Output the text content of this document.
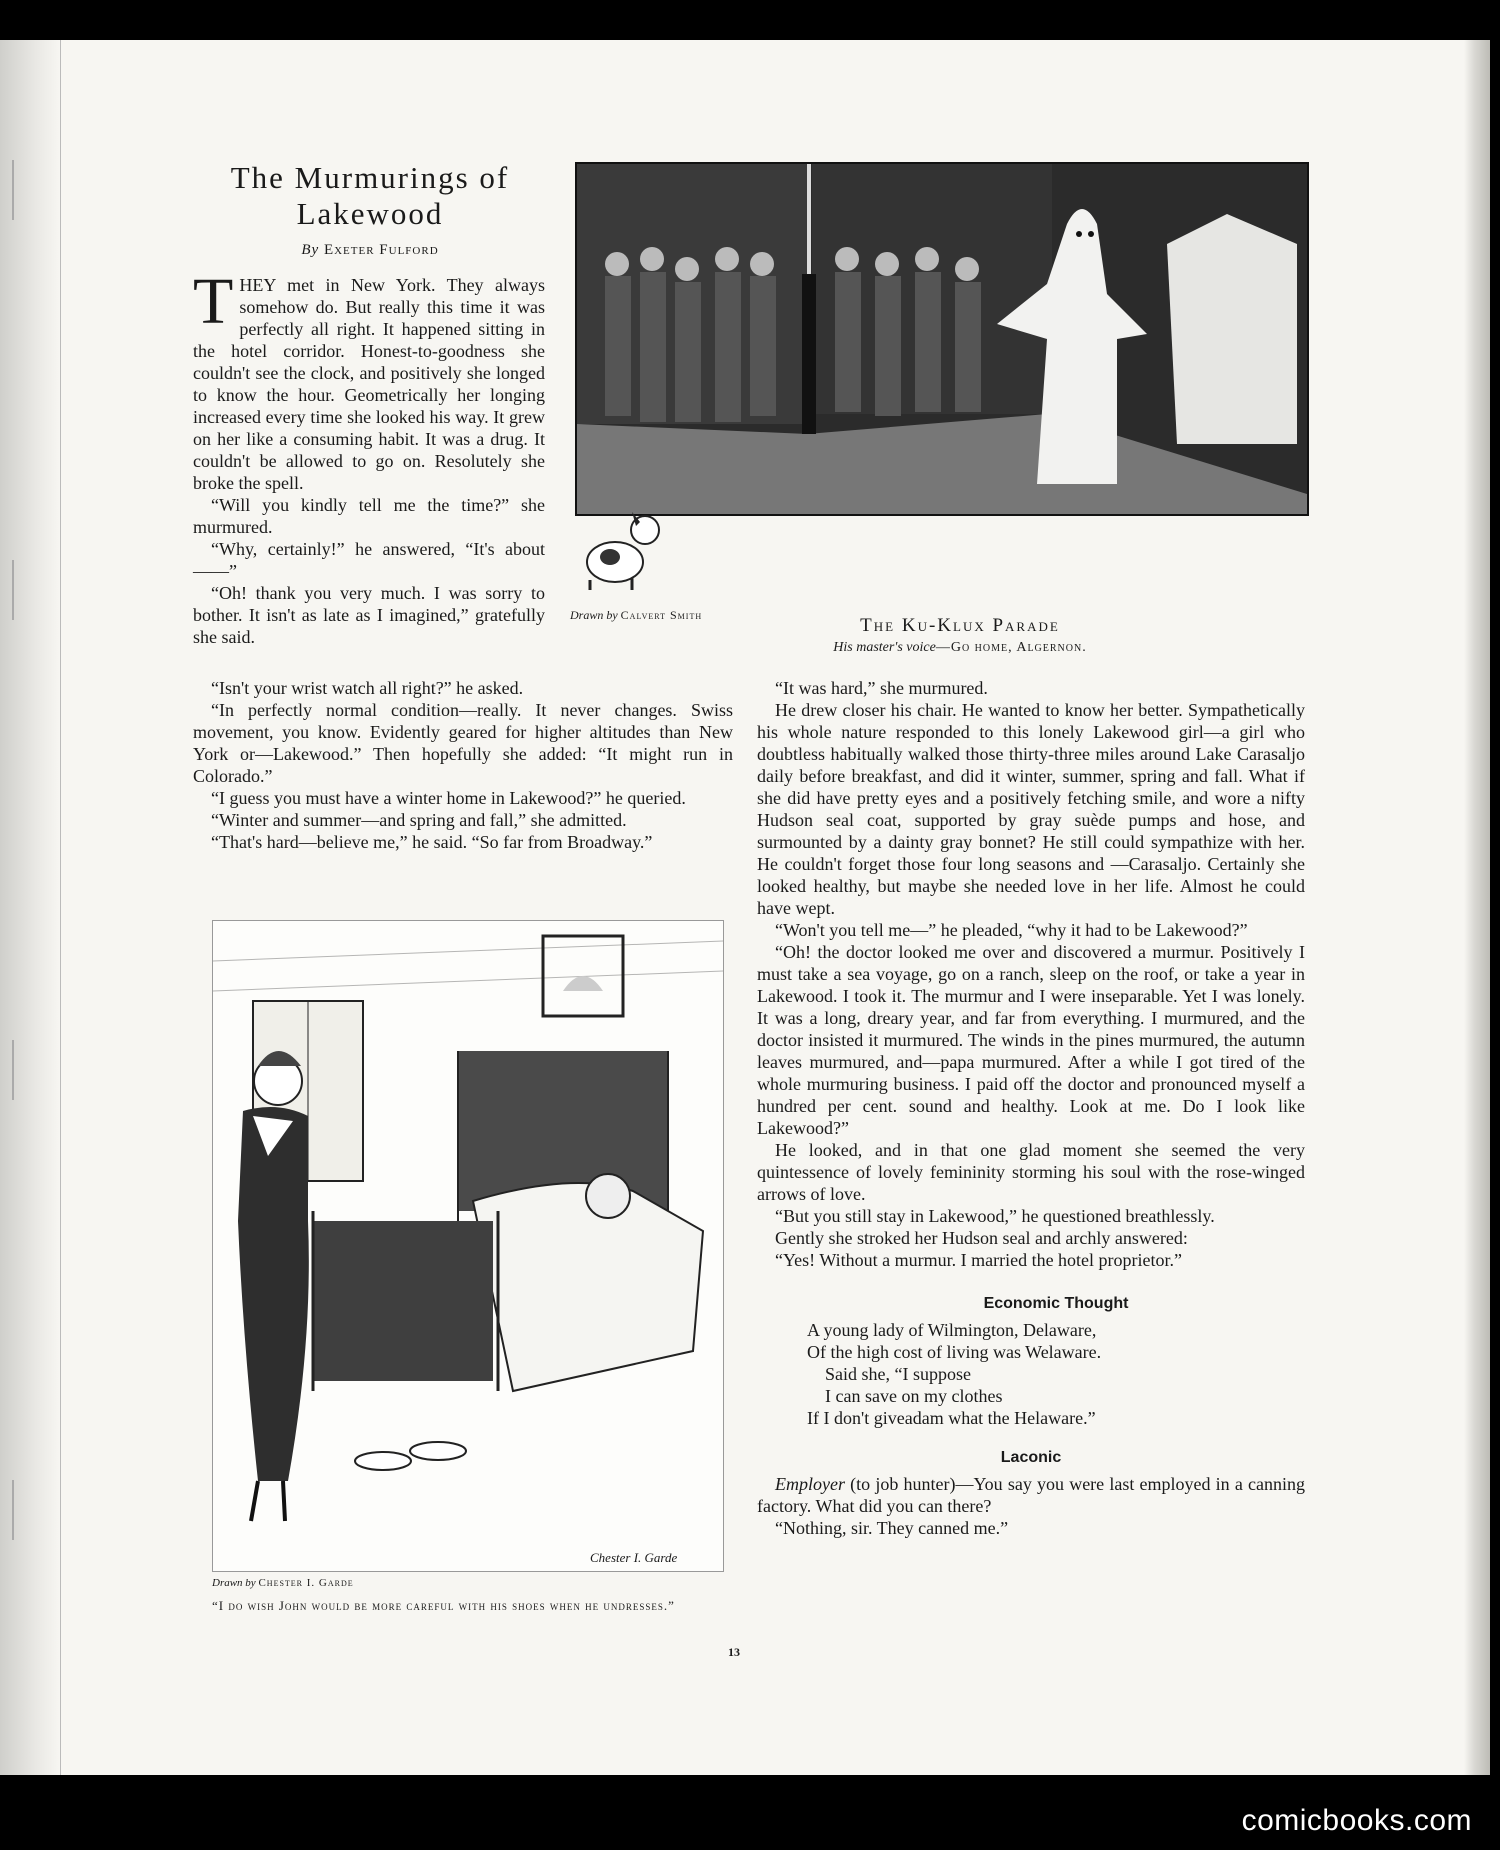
The Murmurings of
Lakewood
By Exeter Fulford

THEY met in New York. They always somehow do. But really this time it was perfectly all right. It happened sitting in the hotel corridor. Honest-to-goodness she couldn't see the clock, and positively she longed to know the hour. Geometrically her longing increased every time she looked his way. It grew on her like a consuming habit. It was a drug. It couldn't be allowed to go on. Resolutely she broke the spell.

“Will you kindly tell me the time?” she murmured.

“Why, certainly!” he answered, “It's about ——”

“Oh! thank you very much. I was sorry to bother. It isn't as late as I imagined,” gratefully she said.

“Isn't your wrist watch all right?” he asked.

“In perfectly normal condition—really. It never changes. Swiss movement, you know. Evidently geared for higher altitudes than New York or—Lakewood.” Then hopefully she added: “It might run in Colorado.”

“I guess you must have a winter home in Lakewood?” he queried.

“Winter and summer—and spring and fall,” she admitted.

“That's hard—believe me,” he said. “So far from Broadway.”

Drawn by Calvert Smith	The Ku-Klux Parade
His master's voice—Go home, Algernon.

“It was hard,” she murmured.

He drew closer his chair. He wanted to know her better. Sympathetically his whole nature responded to this lonely Lakewood girl—a girl who doubtless habitually walked those thirty-three miles around Lake Carasaljo daily before breakfast, and did it winter, summer, spring and fall. What if she did have pretty eyes and a positively fetching smile, and wore a nifty Hudson seal coat, supported by gray suède pumps and hose, and surmounted by a dainty gray bonnet? He still could sympathize with her. He couldn't forget those four long seasons and —Carasaljo. Certainly she looked healthy, but maybe she needed love in her life. Almost he could have wept.

“Won't you tell me—” he pleaded, “why it had to be Lakewood?”

“Oh! the doctor looked me over and discovered a murmur. Positively I must take a sea voyage, go on a ranch, sleep on the roof, or take a year in Lakewood. I took it. The murmur and I were inseparable. Yet I was lonely. It was a long, dreary year, and far from everything. I murmured, and the doctor insisted it murmured. The winds in the pines murmured, the autumn leaves murmured, and—papa murmured. After a while I got tired of the whole murmuring business. I paid off the doctor and pronounced myself a hundred per cent. sound and healthy. Look at me. Do I look like Lakewood?”

He looked, and in that one glad moment she seemed the very quintessence of lovely femininity storming his soul with the rose-winged arrows of love.

“But you still stay in Lakewood,” he questioned breathlessly.

Gently she stroked her Hudson seal and archly answered:

“Yes! Without a murmur. I married the hotel proprietor.”

Economic Thought

A young lady of Wilmington, Delaware,

Of the high cost of living was Welaware.

Said she, “I suppose

I can save on my clothes

If I don't giveadam what the Helaware.”

Laconic

Employer (to job hunter)—You say you were last employed in a canning factory. What did you can there?

“Nothing, sir. They canned me.”

Drawn by Chester I. Garde
Chester I. Garde
“I do wish John would be more careful with his shoes when he undresses.”
13
comicbooks.com
